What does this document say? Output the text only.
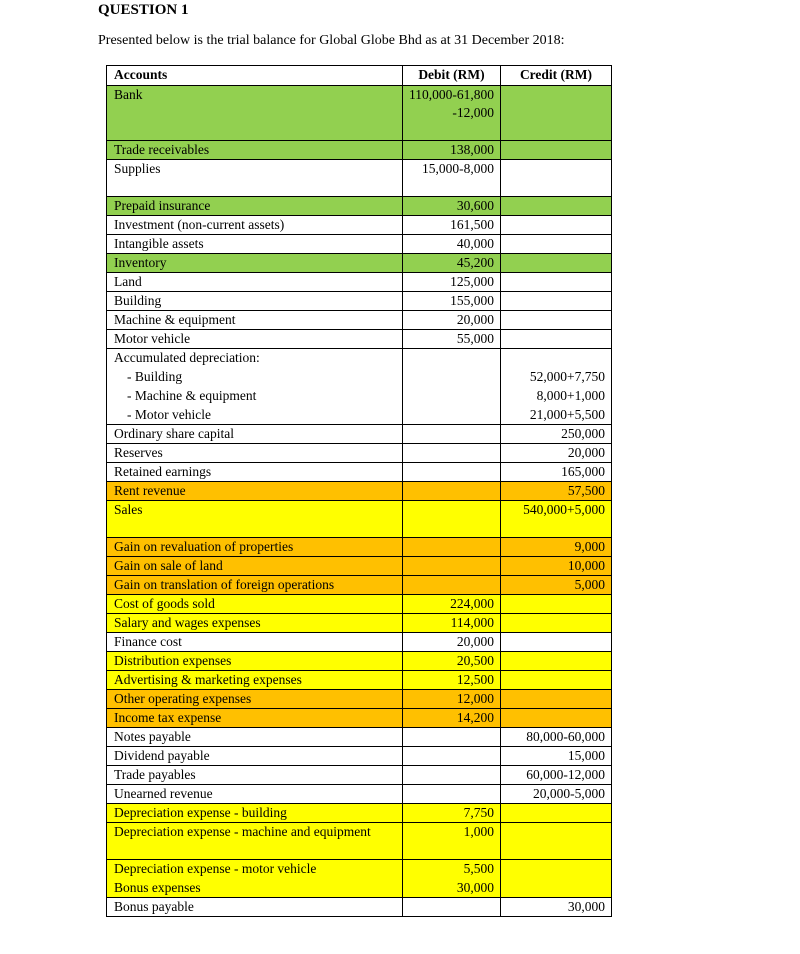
QUESTION 1
Presented below is the trial balance for Global Globe Bhd as at 31 December 2018:
Accounts	Debit (RM)	Credit (RM)
Bank	110,000-61,800-12,000	
Trade receivables	138,000	
Supplies	15,000-8,000	
Prepaid insurance	30,600	
Investment (non-current assets)	161,500	
Intangible assets	40,000	
Inventory	45,200	
Land	125,000	
Building	155,000	
Machine & equipment	20,000	
Motor vehicle	55,000	
Accumulated depreciation:		

- Building		52,000+7,750

- Machine & equipment		8,000+1,000

- Motor vehicle		21,000+5,500
Ordinary share capital		250,000
Reserves		20,000
Retained earnings		165,000
Rent revenue		57,500
Sales		540,000+5,000
Gain on revaluation of properties		9,000
Gain on sale of land		10,000
Gain on translation of foreign operations		5,000
Cost of goods sold	224,000	
Salary and wages expenses	114,000	
Finance cost	20,000	
Distribution expenses	20,500	
Advertising & marketing expenses	12,500	
Other operating expenses	12,000	
Income tax expense	14,200	
Notes payable		80,000-60,000
Dividend payable		15,000
Trade payables		60,000-12,000
Unearned revenue		20,000-5,000
Depreciation expense - building	7,750	
Depreciation expense - machine and equipment	1,000	
Depreciation expense - motor vehicle	5,500	
Bonus expenses	30,000	
Bonus payable		30,000
